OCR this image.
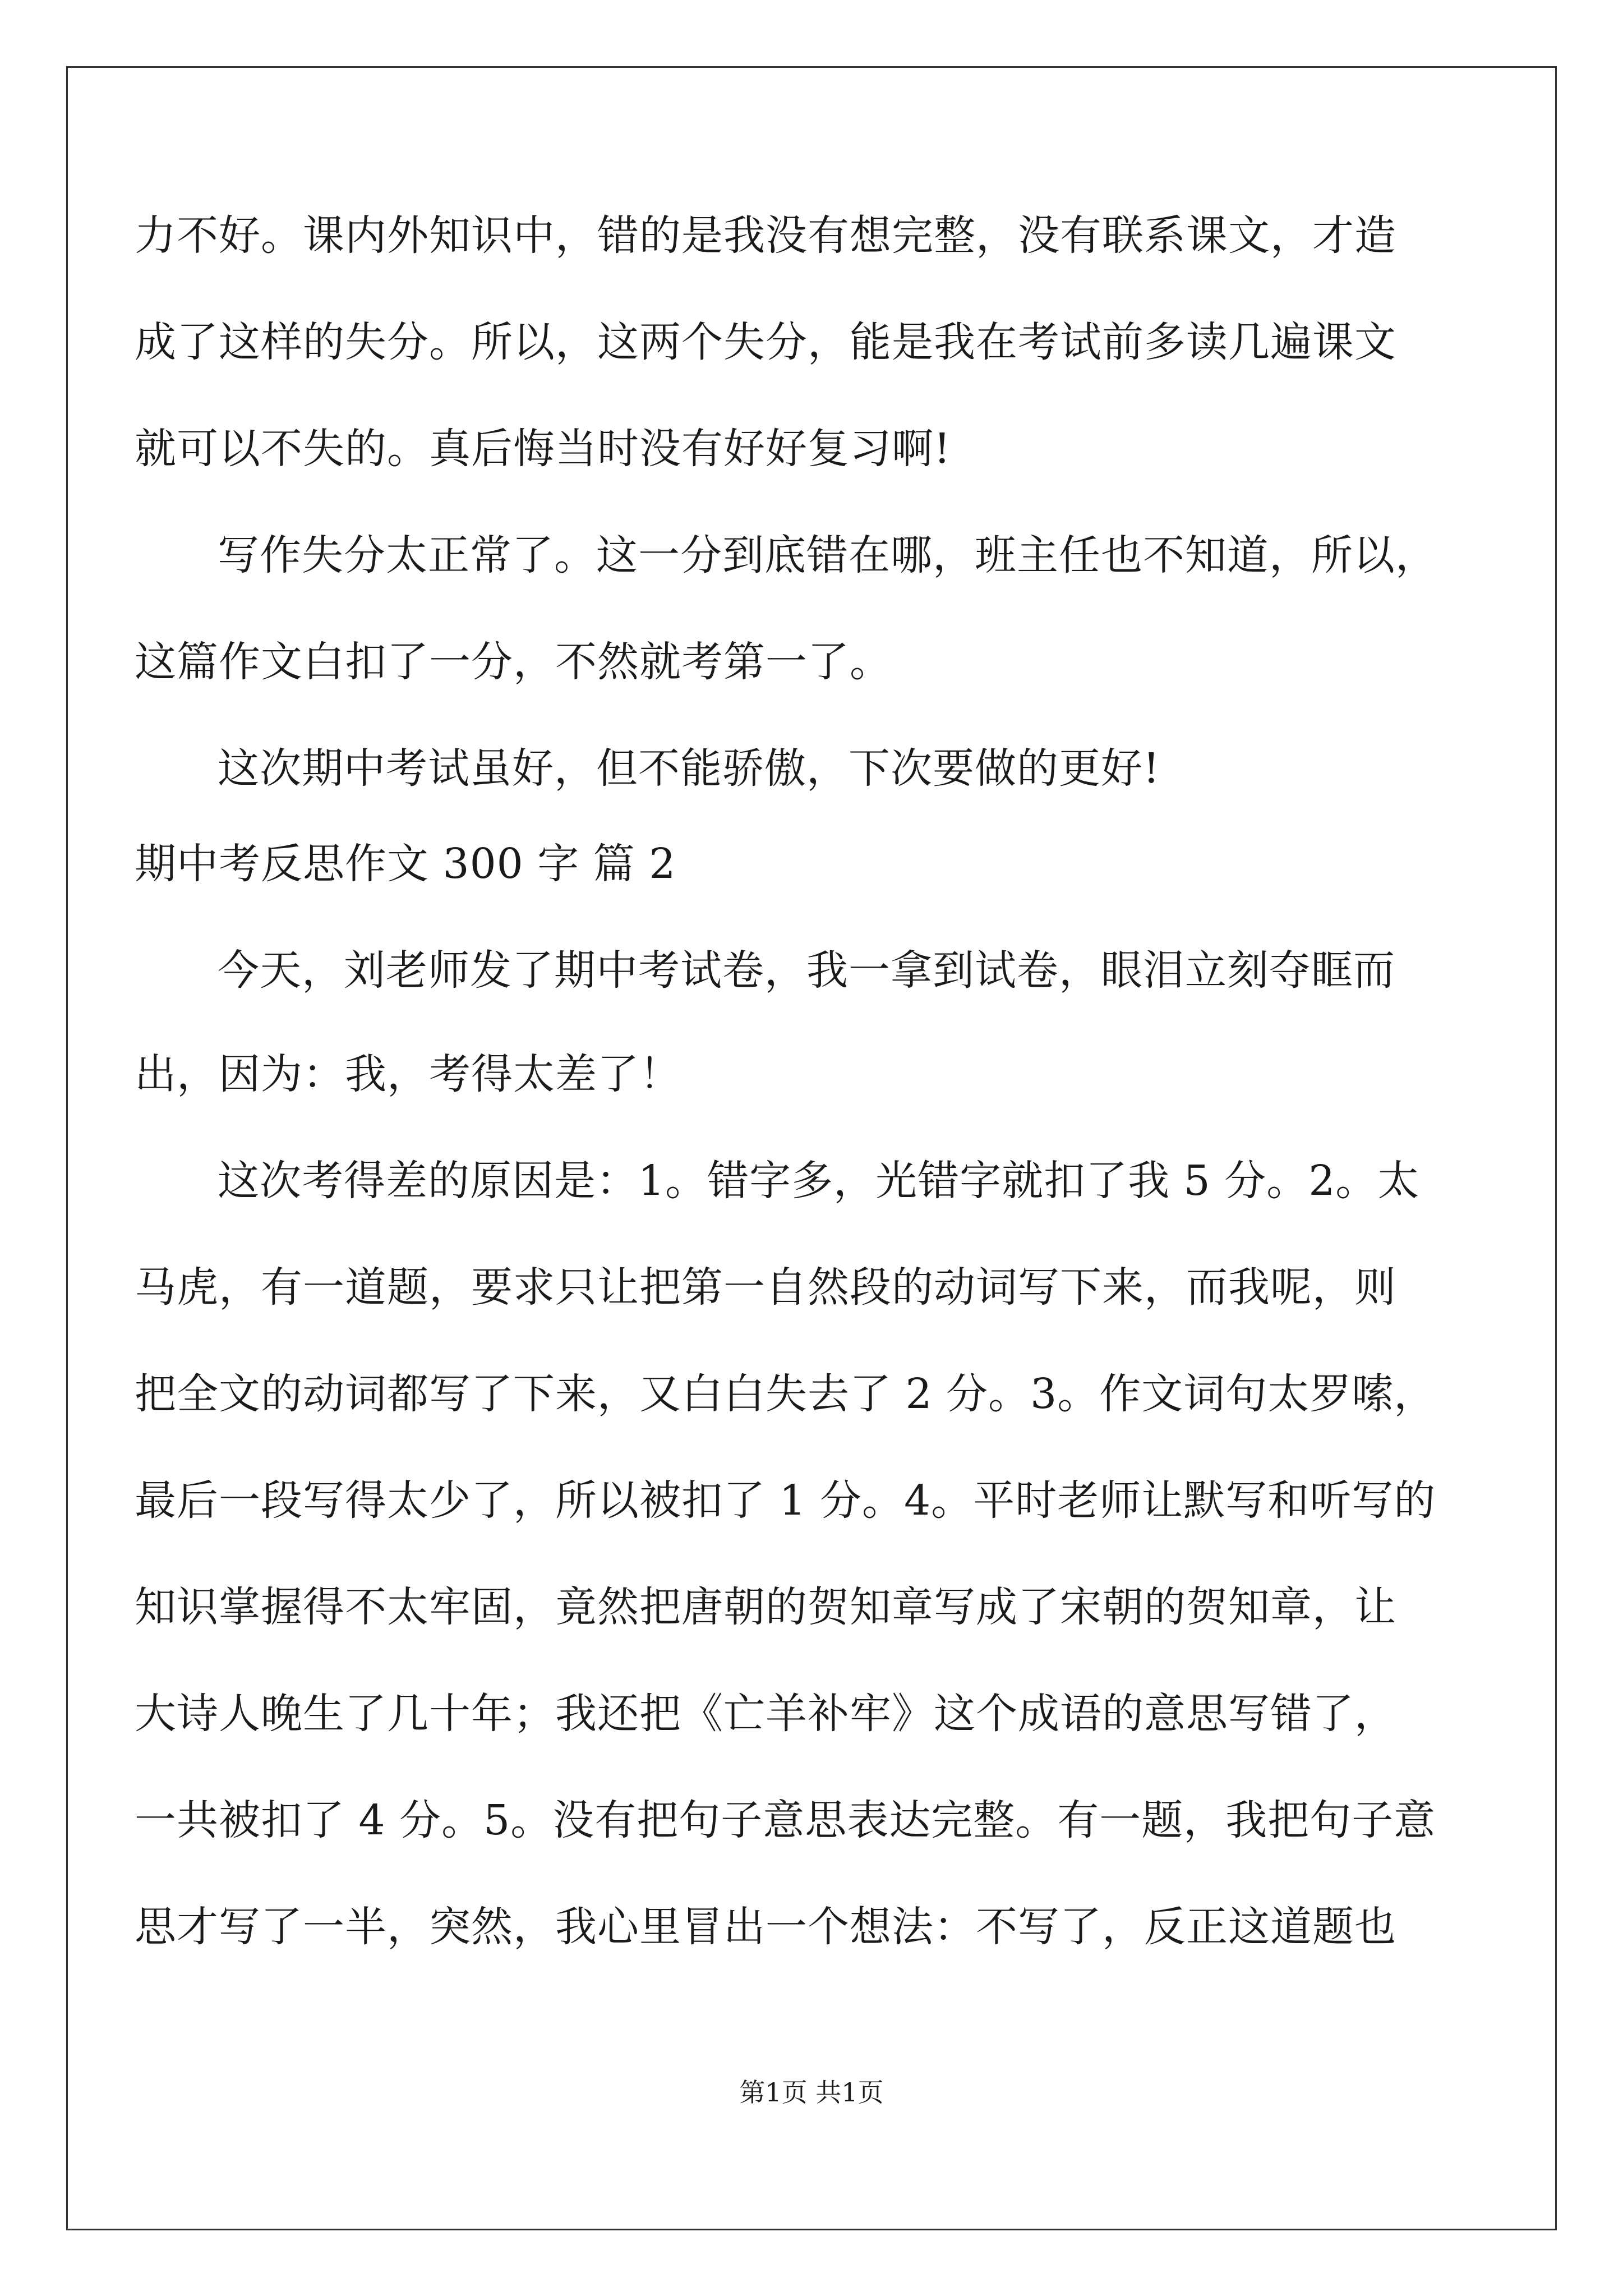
力不好。课内外知识中，错的是我没有想完整，没有联系课文，才造
成了这样的失分。所以，这两个失分，能是我在考试前多读几遍课文
就可以不失的。真后悔当时没有好好复习啊!
写作失分太正常了。这一分到底错在哪，班主任也不知道，所以，
这篇作文白扣了一分，不然就考第一了。
这次期中考试虽好，但不能骄傲，下次要做的更好!
期中考反思作文 300 字 篇 2
今天，刘老师发了期中考试卷，我一拿到试卷，眼泪立刻夺眶而
出，因为：我，考得太差了！
这次考得差的原因是：1。错字多，光错字就扣了我 5 分。2。太
马虎，有一道题，要求只让把第一自然段的动词写下来，而我呢，则
把全文的动词都写了下来，又白白失去了 2 分。3。作文词句太罗嗦，
最后一段写得太少了，所以被扣了 1 分。4。平时老师让默写和听写的
知识掌握得不太牢固，竟然把唐朝的贺知章写成了宋朝的贺知章，让
大诗人晚生了几十年；我还把《亡羊补牢》这个成语的意思写错了，
一共被扣了 4 分。5。没有把句子意思表达完整。有一题，我把句子意
思才写了一半，突然，我心里冒出一个想法：不写了，反正这道题也
第1页 共1页
